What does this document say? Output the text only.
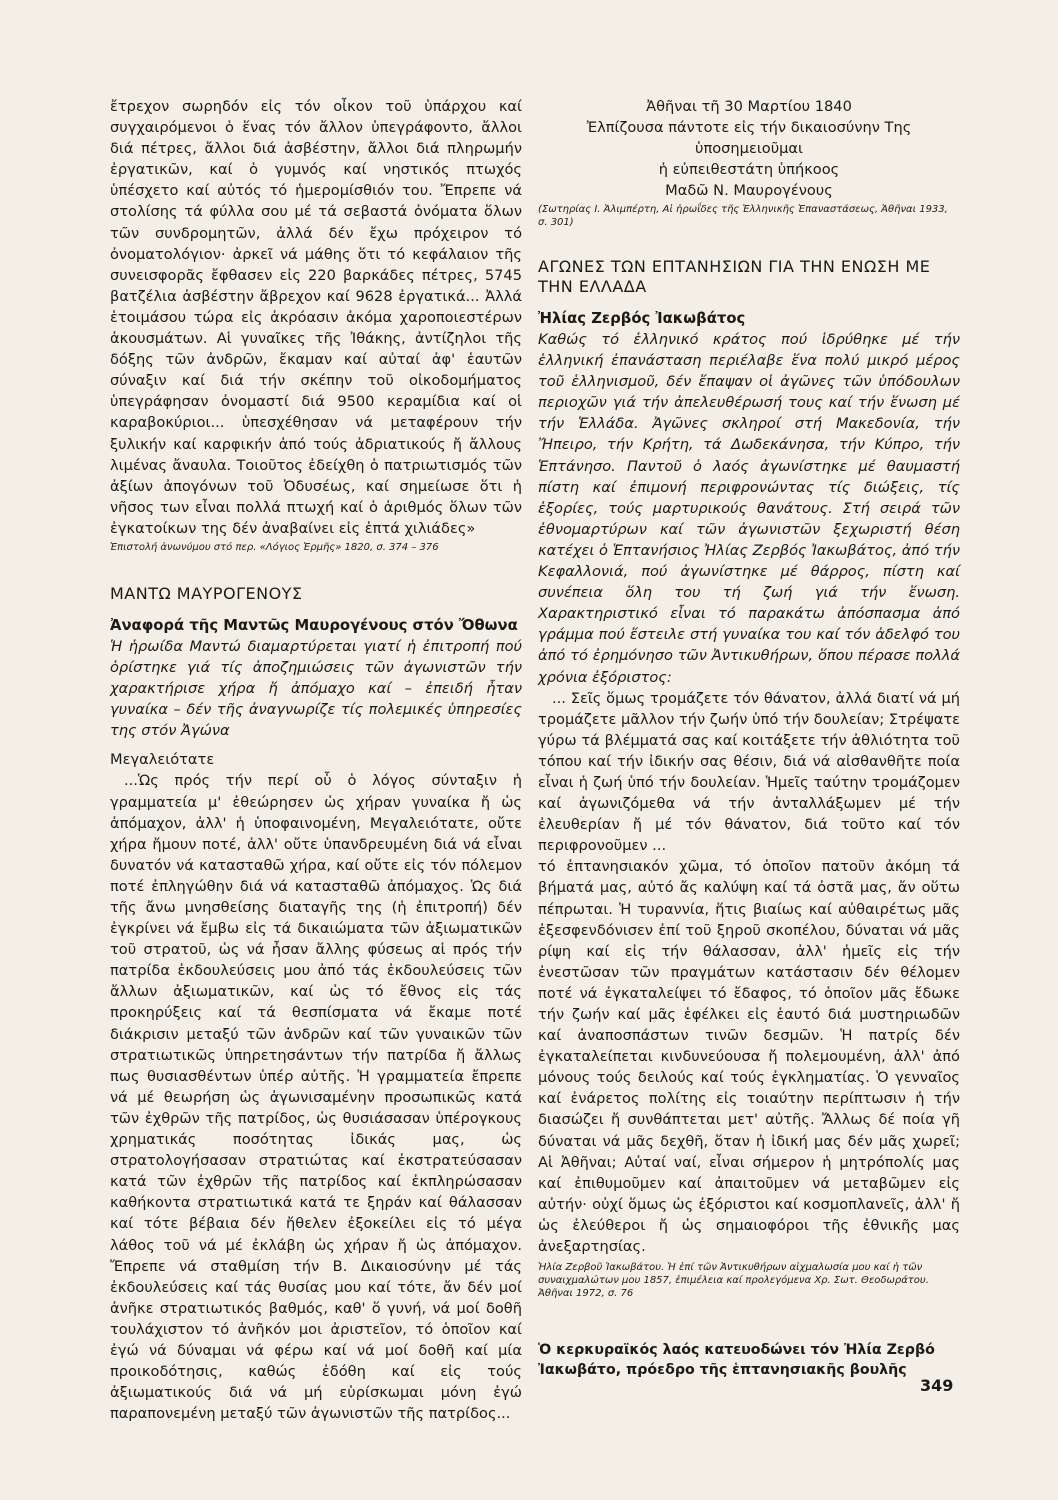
ἔτρεχον σωρηδόν εἰς τόν οἶκον τοῦ ὑπάρχου καί συγχαιρόμενοι ὁ ἕνας τόν ἄλλον ὑπεγράφοντο, ἄλλοι διά πέτρες, ἄλλοι διά ἀσβέστην, ἄλλοι διά πληρωμήν ἐργατικῶν, καί ὁ γυμνός καί νηστικός πτωχός ὑπέσχετο καί αὐτός τό ἡμερομίσθιόν του. Ἔπρεπε νά στολίσης τά φύλλα σου μέ τά σεβαστά ὀνόματα ὅλων τῶν συνδρομητῶν, ἀλλά δέν ἔχω πρόχειρον τό ὀνοματολόγιον· ἀρκεῖ νά μάθης ὅτι τό κεφάλαιον τῆς συνεισφορᾶς ἔφθασεν εἰς 220 βαρκάδες πέτρες, 5745 βατζέλια ἀσβέστην ἄβρεχον καί 9628 ἐργατικά... Ἀλλά ἑτοιμάσου τώρα εἰς ἀκρόασιν ἀκόμα χαροποιεστέρων ἀκουσμάτων. Αἱ γυναῖκες τῆς Ἰθάκης, ἀντίζηλοι τῆς δόξης τῶν ἀνδρῶν, ἔκαμαν καί αὐταί ἀφ' ἑαυτῶν σύναξιν καί διά τήν σκέπην τοῦ οἰκοδομήματος ὑπεγράφησαν ὀνομαστί διά 9500 κεραμίδια καί οἱ καραβοκύριοι... ὑπεσχέθησαν νά μεταφέρουν τήν ξυλικήν καί καρφικήν ἀπό τούς ἀδριατικούς ἤ ἄλλους λιμένας ἄναυλα. Τοιοῦτος ἐδείχθη ὁ πατριωτισμός τῶν ἀξίων ἀπογόνων τοῦ Ὀδυσέως, καί σημείωσε ὅτι ἡ νῆσος των εἶναι πολλά πτωχή καί ὁ ἀριθμός ὅλων τῶν ἐγκατοίκων της δέν ἀναβαίνει εἰς ἑπτά χιλιάδες»

Ἐπιστολή ἀνωνύμου στό περ. «Λόγιος Ἑρμῆς» 1820, σ. 374 – 376

ΜΑΝΤΩ ΜΑΥΡΟΓΕΝΟΥΣ
Ἀναφορά τῆς Μαντῶς Μαυρογένους στόν Ὄθωνα

Ἡ ἡρωίδα Μαντώ διαμαρτύρεται γιατί ἡ ἐπιτροπή πού ὁρίστηκε γιά τίς ἀποζημιώσεις τῶν ἀγωνιστῶν τήν χαρακτήρισε χήρα ἤ ἀπόμαχο καί – ἐπειδή ἦταν γυναίκα – δέν τῆς ἀναγνωρίζε τίς πολεμικές ὑπηρεσίες της στόν Ἀγώνα

Μεγαλειότατε

...Ὡς πρός τήν περί οὗ ὁ λόγος σύνταξιν ἡ γραμματεία μ' ἐθεώρησεν ὡς χήραν γυναίκα ἤ ὡς ἀπόμαχον, ἀλλ' ἡ ὑποφαινομένη, Μεγαλειότατε, οὔτε χήρα ἤμουν ποτέ, ἀλλ' οὔτε ὑπανδρευμένη διά νά εἶναι δυνατόν νά κατασταθῶ χήρα, καί οὔτε εἰς τόν πόλεμον ποτέ ἐπληγώθην διά νά κατασταθῶ ἀπόμαχος. Ὡς διά τῆς ἄνω μνησθείσης διαταγῆς της (ἡ ἐπιτροπή) δέν ἐγκρίνει νά ἔμβω εἰς τά δικαιώματα τῶν ἀξιωματικῶν τοῦ στρατοῦ, ὡς νά ἦσαν ἄλλης φύσεως αἱ πρός τήν πατρίδα ἐκδουλεύσεις μου ἀπό τάς ἐκδουλεύσεις τῶν ἄλλων ἀξιωματικῶν, καί ὡς τό ἔθνος εἰς τάς προκηρύξεις καί τά θεσπίσματα νά ἔκαμε ποτέ διάκρισιν μεταξύ τῶν ἀνδρῶν καί τῶν γυναικῶν τῶν στρατιωτικῶς ὑπηρετησάντων τήν πατρίδα ἤ ἄλλως πως θυσιασθέντων ὑπέρ αὐτῆς. Ἡ γραμματεία ἔπρεπε νά μέ θεωρήση ὡς ἀγωνισαμένην προσωπικῶς κατά τῶν ἐχθρῶν τῆς πατρίδος, ὡς θυσιάσασαν ὑπέρογκους χρηματικάς ποσότητας ἰδικάς μας, ὡς στρατολογήσασαν στρατιώτας καί ἐκστρατεύσασαν κατά τῶν ἐχθρῶν τῆς πατρίδος καί ἐκπληρώσασαν καθήκοντα στρατιωτικά κατά τε ξηράν καί θάλασσαν καί τότε βέβαια δέν ἤθελεν ἐξοκείλει εἰς τό μέγα λάθος τοῦ νά μέ ἐκλάβη ὡς χήραν ἤ ὡς ἀπόμαχον. Ἔπρεπε νά σταθμίση τήν Β. Δικαιοσύνην μέ τάς ἐκδουλεύσεις καί τάς θυσίας μου καί τότε, ἄν δέν μοί ἀνῆκε στρατιωτικός βαθμός, καθ' ὅ γυνή, νά μοί δοθῆ τουλάχιστον τό ἀνῆκόν μοι ἀριστεῖον, τό ὁποῖον καί ἐγώ νά δύναμαι νά φέρω καί νά μοί δοθῆ καί μία προικοδότησις, καθώς ἐδόθη καί εἰς τούς ἀξιωματικούς διά νά μή εὑρίσκωμαι μόνη ἐγώ παραπονεμένη μεταξύ τῶν ἀγωνιστῶν τῆς πατρίδος...

Ἀθῆναι τῆ 30 Μαρτίου 1840
Ἐλπίζουσα πάντοτε εἰς τήν δικαιοσύνην Της
ὑποσημειοῦμαι
ἡ εὐπειθεστάτη ὑπήκοος
Μαδῶ Ν. Μαυρογένους

(Σωτηρίας Ι. Ἀλιμπέρτη, Αἱ ἡρωΐδες τῆς Ἑλληνικῆς Ἐπαναστάσεως, Ἀθῆναι 1933, σ. 301)

ΑΓΩΝΕΣ ΤΩΝ ΕΠΤΑΝΗΣΙΩΝ ΓΙΑ ΤΗΝ ΕΝΩΣΗ ΜΕ ΤΗΝ ΕΛΛΑΔΑ
Ἠλίας Ζερβός Ἰακωβάτος

Καθώς τό ἑλληνικό κράτος πού ἱδρύθηκε μέ τήν ἑλληνική ἐπανάσταση περιέλαβε ἕνα πολύ μικρό μέρος τοῦ ἑλληνισμοῦ, δέν ἔπαψαν οἱ ἀγῶνες τῶν ὑπόδουλων περιοχῶν γιά τήν ἀπελευθέρωσή τους καί τήν ἕνωση μέ τήν Ἑλλάδα. Ἀγῶνες σκληροί στή Μακεδονία, τήν Ἤπειρο, τήν Κρήτη, τά Δωδεκάνησα, τήν Κύπρο, τήν Ἑπτάνησο. Παντοῦ ὁ λαός ἀγωνίστηκε μέ θαυμαστή πίστη καί ἐπιμονή περιφρονώντας τίς διώξεις, τίς ἐξορίες, τούς μαρτυρικούς θανάτους. Στή σειρά τῶν ἐθνομαρτύρων καί τῶν ἀγωνιστῶν ξεχωριστή θέση κατέχει ὁ Ἑπτανήσιος Ἠλίας Ζερβός Ἰακωβάτος, ἀπό τήν Κεφαλλονιά, πού ἀγωνίστηκε μέ θάρρος, πίστη καί συνέπεια ὅλη του τή ζωή γιά τήν ἕνωση. Χαρακτηριστικό εἶναι τό παρακάτω ἀπόσπασμα ἀπό γράμμα πού ἔστειλε στή γυναίκα του καί τόν ἀδελφό του ἀπό τό ἐρημόνησο τῶν Ἀντικυθήρων, ὅπου πέρασε πολλά χρόνια ἐξόριστος:

... Σεῖς ὅμως τρομάζετε τόν θάνατον, ἀλλά διατί νά μή τρομάζετε μᾶλλον τήν ζωήν ὑπό τήν δουλείαν; Στρέψατε γύρω τά βλέμματά σας καί κοιτάξετε τήν ἀθλιότητα τοῦ τόπου καί τήν ἰδικήν σας θέσιν, διά νά αἰσθανθῆτε ποία εἶναι ἡ ζωή ὑπό τήν δουλείαν. Ἡμεῖς ταύτην τρομάζομεν καί ἀγωνιζόμεθα νά τήν ἀνταλλάξωμεν μέ τήν ἐλευθερίαν ἤ μέ τόν θάνατον, διά τοῦτο καί τόν περιφρονοῦμεν ...

τό ἑπτανησιακόν χῶμα, τό ὁποῖον πατοῦν ἀκόμη τά βήματά μας, αὐτό ἄς καλύψη καί τά ὀστᾶ μας, ἄν οὕτω πέπρωται. Ἡ τυραννία, ἥτις βιαίως καί αὐθαιρέτως μᾶς ἐξεσφενδόνισεν ἐπί τοῦ ξηροῦ σκοπέλου, δύναται νά μᾶς ρίψη καί εἰς τήν θάλασσαν, ἀλλ' ἡμεῖς εἰς τήν ἐνεστῶσαν τῶν πραγμάτων κατάστασιν δέν θέλομεν ποτέ νά ἐγκαταλείψει τό ἔδαφος, τό ὁποῖον μᾶς ἔδωκε τήν ζωήν καί μᾶς ἑφέλκει εἰς ἑαυτό διά μυστηριωδῶν καί ἀναποσπάστων τινῶν δεσμῶν. Ἡ πατρίς δέν ἐγκαταλείπεται κινδυνεύουσα ἤ πολεμουμένη, ἀλλ' ἀπό μόνους τούς δειλούς καί τούς ἐγκληματίας. Ὁ γενναῖος καί ἐνάρετος πολίτης εἰς τοιαύτην περίπτωσιν ἡ τήν διασώζει ἤ συνθάπτεται μετ' αὐτῆς. Ἄλλως δέ ποία γῆ δύναται νά μᾶς δεχθῆ, ὅταν ἡ ἰδική μας δέν μᾶς χωρεῖ; Αἱ Ἀθῆναι; Αὐταί ναί, εἶναι σήμερον ἡ μητρόπολίς μας καί ἐπιθυμοῦμεν καί ἀπαιτοῦμεν νά μεταβῶμεν εἰς αὐτήν· οὐχί ὅμως ὡς ἐξόριστοι καί κοσμοπλανεῖς, ἀλλ' ἤ ὡς ἐλεύθεροι ἤ ὡς σημαιοφόροι τῆς ἐθνικῆς μας ἀνεξαρτησίας.

Ἠλία Ζερβοῦ Ἰακωβάτου. Ἡ ἐπί τῶν Ἀντικυθήρων αἰχμαλωσία μου καί ἡ τῶν συναιχμαλώτων μου 1857, ἐπιμέλεια καί προλεγόμενα Χρ. Σωτ. Θεοδωράτου. Ἀθῆναι 1972, σ. 76

Ὁ κερκυραϊκός λαός κατευοδώνει τόν Ἠλία Ζερβό Ἰακωβάτο, πρόεδρο τῆς ἑπτανησιακῆς βουλῆς

349
